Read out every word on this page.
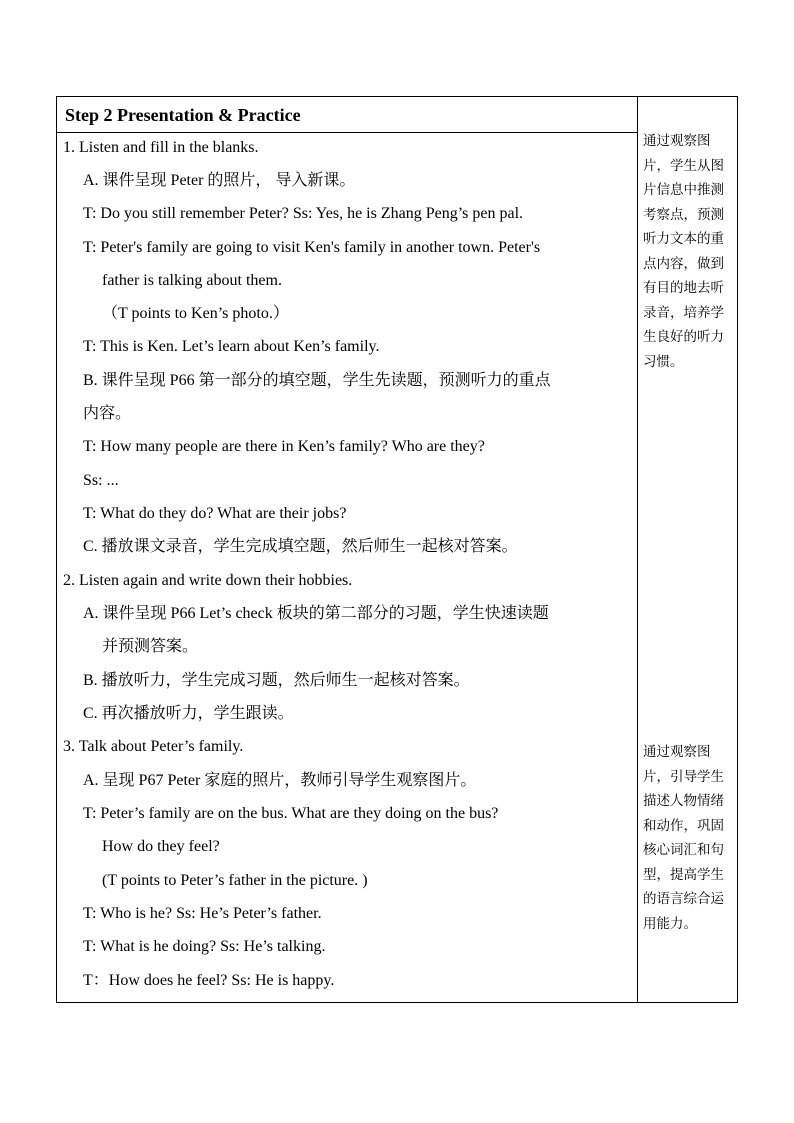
Step 2 Presentation & Practice
1. Listen and fill in the blanks.
A. 课件呈现 Peter 的照片， 导入新课。
T: Do you still remember Peter? Ss: Yes, he is Zhang Peng’s pen pal.
T: Peter's family are going to visit Ken's family in another town. Peter's
father is talking about them.
（T points to Ken’s photo.）
T: This is Ken. Let’s learn about Ken’s family.
B. 课件呈现 P66 第一部分的填空题，学生先读题，预测听力的重点
内容。
T: How many people are there in Ken’s family? Who are they?
Ss: ...
T: What do they do? What are their jobs?
C. 播放课文录音，学生完成填空题，然后师生一起核对答案。
2. Listen again and write down their hobbies.
A. 课件呈现 P66 Let’s check 板块的第二部分的习题，学生快速读题
并预测答案。
B. 播放听力，学生完成习题，然后师生一起核对答案。
C. 再次播放听力，学生跟读。
3. Talk about Peter’s family.
A. 呈现 P67 Peter 家庭的照片，教师引导学生观察图片。
T: Peter’s family are on the bus. What are they doing on the bus?
How do they feel?
(T points to Peter’s father in the picture. )
T: Who is he? Ss: He’s Peter’s father.
T: What is he doing? Ss: He’s talking.
T：How does he feel? Ss: He is happy.
通过观察图片，学生从图片信息中推测考察点，预测听力文本的重点内容，做到有目的地去听录音，培养学生良好的听力习惯。
通过观察图片，引导学生描述人物情绪和动作，巩固核心词汇和句型，提高学生的语言综合运用能力。
